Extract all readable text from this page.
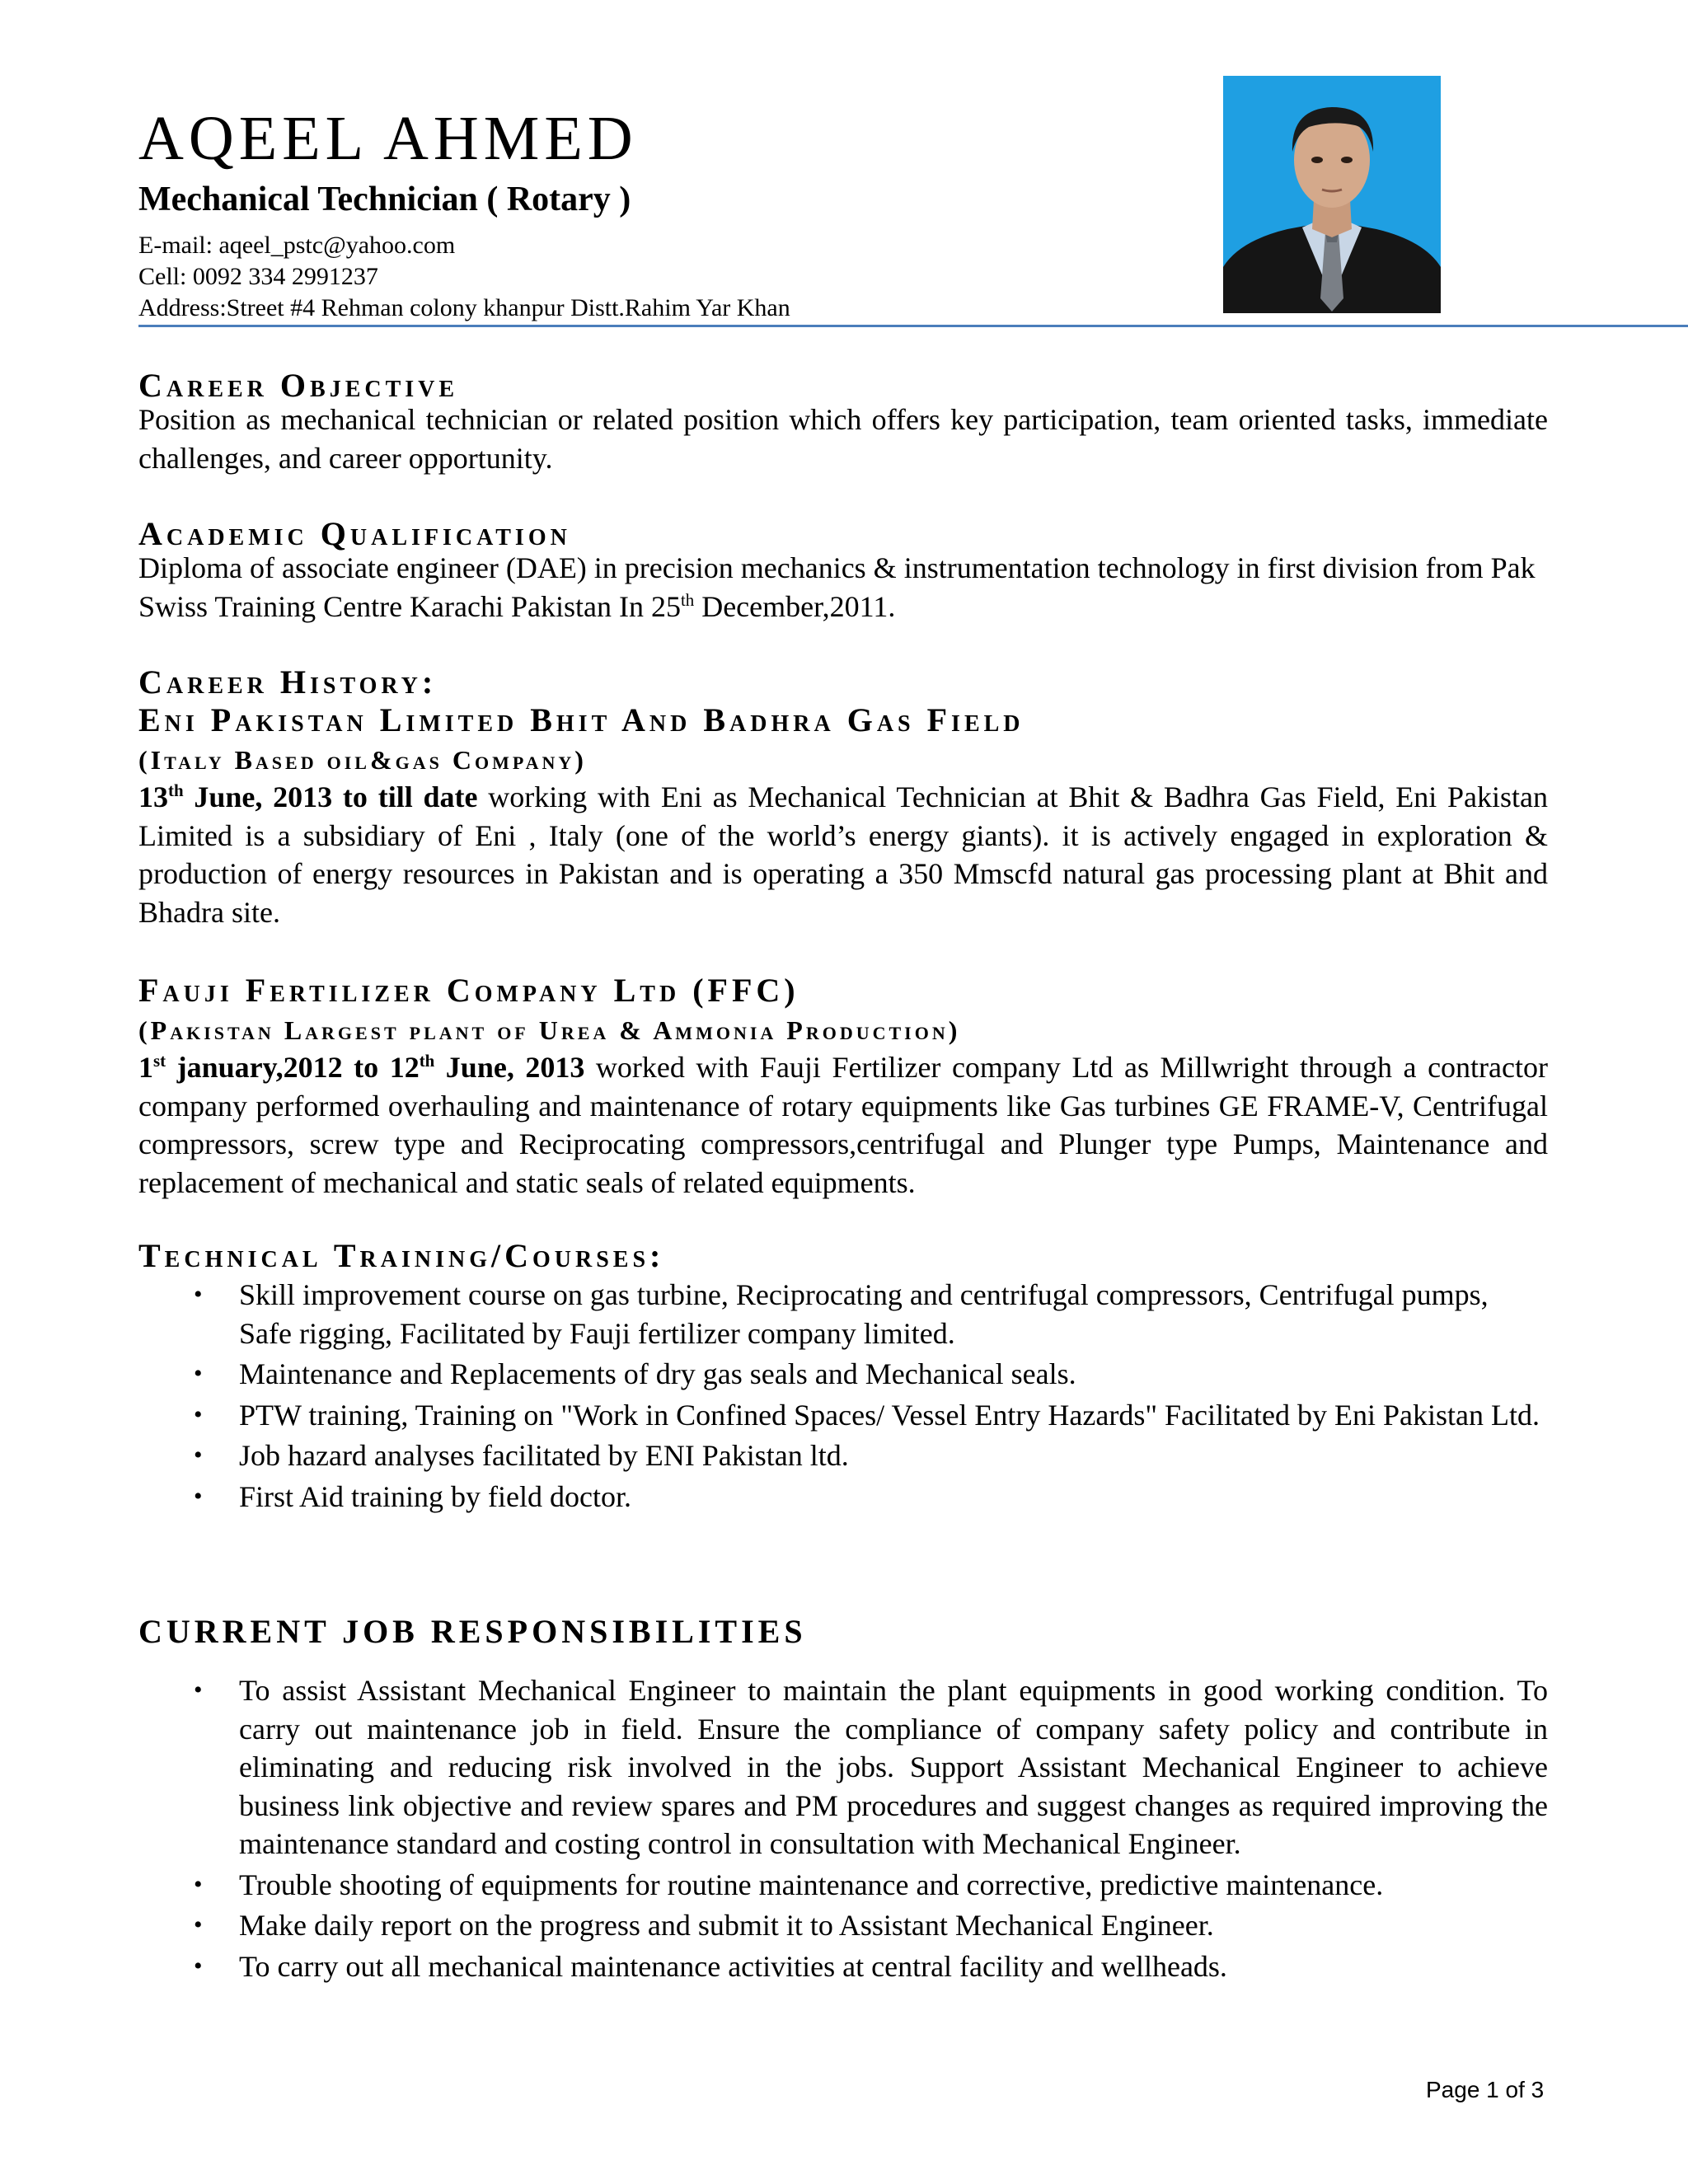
AQEEL AHMED
Mechanical Technician ( Rotary )
E-mail: aqeel_pstc@yahoo.com
Cell: 0092 334 2991237
Address:Street #4 Rehman colony khanpur Distt.Rahim Yar Khan
Career Objective
Position as mechanical technician or related position which offers key participation, team oriented tasks, immediate challenges, and career opportunity.
Academic Qualification
Diploma of associate engineer (DAE) in precision mechanics & instrumentation technology in first division from Pak Swiss Training Centre Karachi Pakistan In 25th December,2011.
Career History:
Eni Pakistan Limited Bhit And Badhra Gas Field
(Italy Based oil&gas Company)
13th June, 2013 to till date working with Eni as Mechanical Technician at Bhit & Badhra Gas Field, Eni Pakistan Limited is a subsidiary of Eni , Italy (one of the world’s energy giants). it is actively engaged in exploration & production of energy resources in Pakistan and is operating a 350 Mmscfd natural gas processing plant at Bhit and Bhadra site.
Fauji Fertilizer Company Ltd (FFC)
(Pakistan Largest plant of Urea & Ammonia Production)
1st january,2012 to 12th June, 2013 worked with Fauji Fertilizer company Ltd as Millwright through a contractor company performed overhauling and maintenance of rotary equipments like Gas turbines GE FRAME-V, Centrifugal compressors, screw type and Reciprocating compressors,centrifugal and Plunger type Pumps, Maintenance and replacement of mechanical and static seals of related equipments.
Technical Training/Courses:
• Skill improvement course on gas turbine, Reciprocating and centrifugal compressors, Centrifugal pumps, Safe rigging, Facilitated by Fauji fertilizer company limited.
• Maintenance and Replacements of dry gas seals and Mechanical seals.
• PTW training, Training on "Work in Confined Spaces/ Vessel Entry Hazards" Facilitated by Eni Pakistan Ltd.
• Job hazard analyses facilitated by ENI Pakistan ltd.
• First Aid training by field doctor.
CURRENT JOB RESPONSIBILITIES
• To assist Assistant Mechanical Engineer to maintain the plant equipments in good working condition. To carry out maintenance job in field. Ensure the compliance of company safety policy and contribute in eliminating and reducing risk involved in the jobs. Support Assistant Mechanical Engineer to achieve business link objective and review spares and PM procedures and suggest changes as required improving the maintenance standard and costing control in consultation with Mechanical Engineer.
• Trouble shooting of equipments for routine maintenance and corrective, predictive maintenance.
• Make daily report on the progress and submit it to Assistant Mechanical Engineer.
• To carry out all mechanical maintenance activities at central facility and wellheads.
Page 1 of 3
